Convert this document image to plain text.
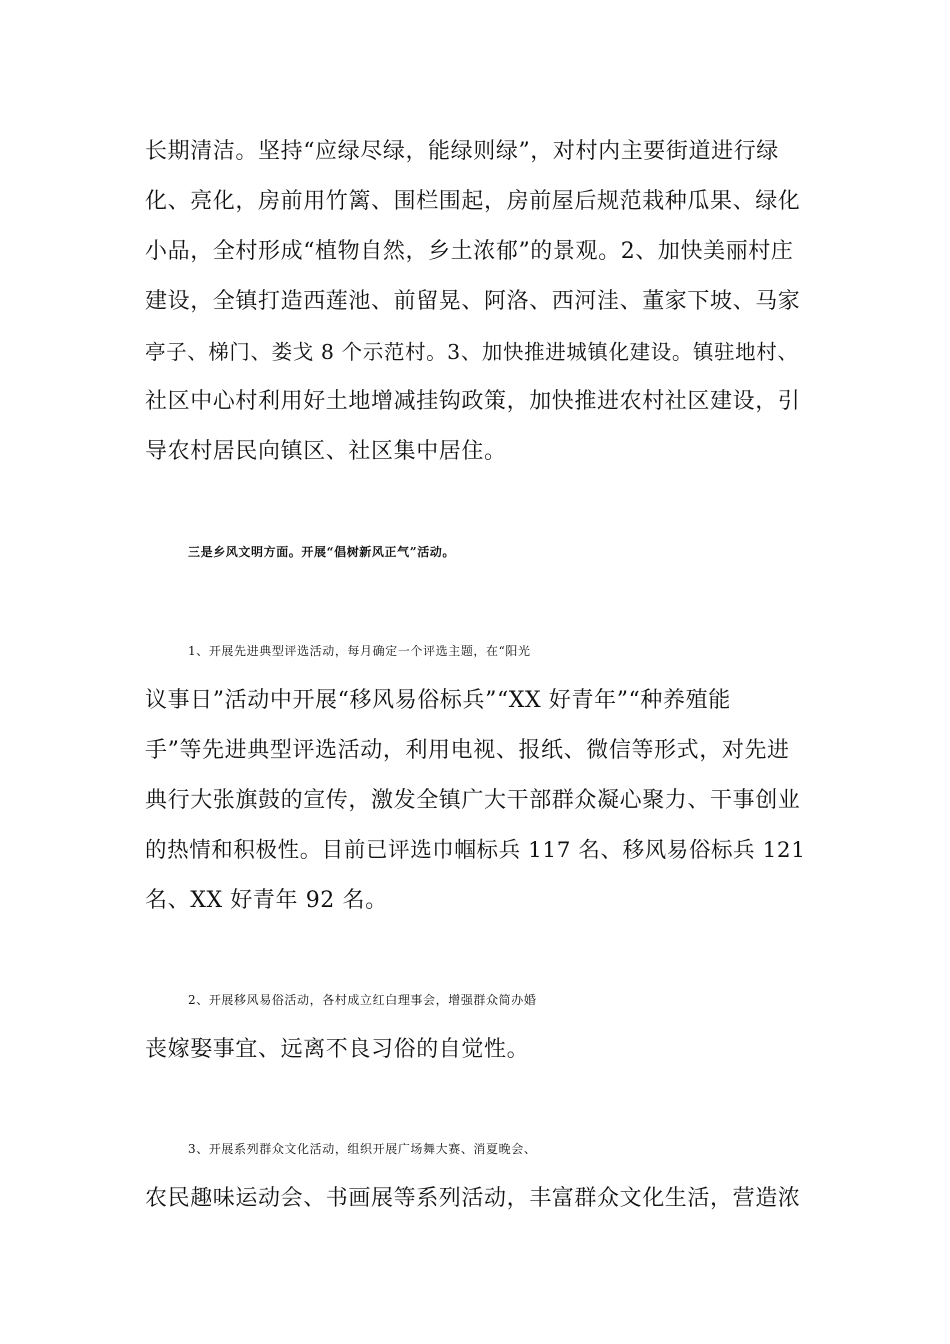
长期清洁。坚持“应绿尽绿，能绿则绿”，对村内主要街道进行绿
化、亮化，房前用竹篱、围栏围起，房前屋后规范栽种瓜果、绿化
小品，全村形成“植物自然，乡土浓郁”的景观。2、加快美丽村庄
建设，全镇打造西莲池、前留晃、阿洛、西河洼、董家下坡、马家
亭子、梯门、娄戈 8 个示范村。3、加快推进城镇化建设。镇驻地村、
社区中心村利用好土地增减挂钩政策，加快推进农村社区建设，引
导农村居民向镇区、社区集中居住。
三是乡风文明方面。开展“倡树新风正气”活动。
1、开展先进典型评选活动，每月确定一个评选主题，在“阳光
议事日”活动中开展“移风易俗标兵”“XX 好青年”“种养殖能
手”等先进典型评选活动，利用电视、报纸、微信等形式，对先进
典行大张旗鼓的宣传，激发全镇广大干部群众凝心聚力、干事创业
的热情和积极性。目前已评选巾帼标兵 117 名、移风易俗标兵 121
名、XX 好青年 92 名。
2、开展移风易俗活动，各村成立红白理事会，增强群众简办婚
丧嫁娶事宜、远离不良习俗的自觉性。
3、开展系列群众文化活动，组织开展广场舞大赛、消夏晚会、
农民趣味运动会、书画展等系列活动，丰富群众文化生活，营造浓
